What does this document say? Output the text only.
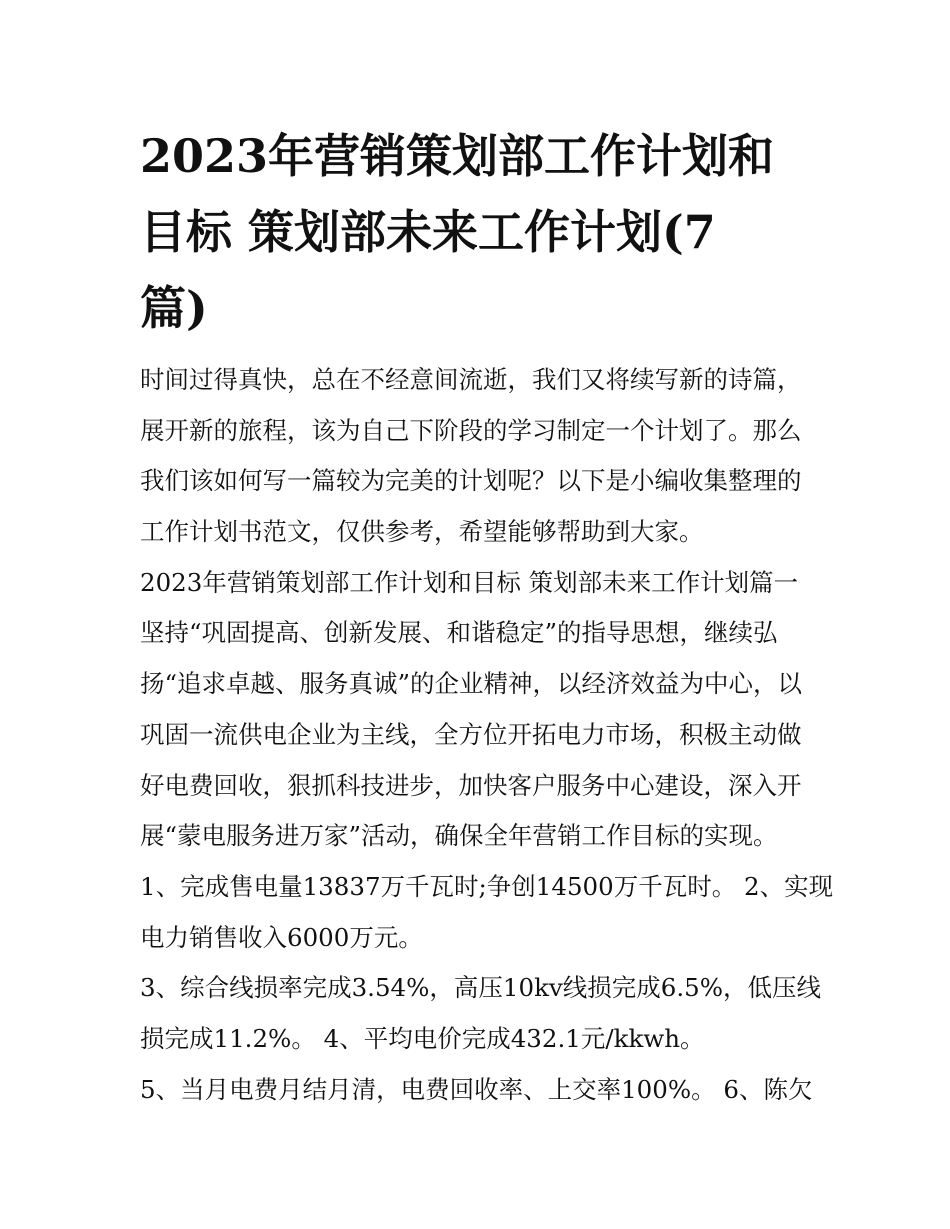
2023年营销策划部工作计划和
目标 策划部未来工作计划(7
篇)
时间过得真快，总在不经意间流逝，我们又将续写新的诗篇，
展开新的旅程，该为自己下阶段的学习制定一个计划了。那么
我们该如何写一篇较为完美的计划呢？以下是小编收集整理的
工作计划书范文，仅供参考，希望能够帮助到大家。
2023年营销策划部工作计划和目标 策划部未来工作计划篇一
坚持“巩固提高、创新发展、和谐稳定”的指导思想，继续弘
扬“追求卓越、服务真诚”的企业精神，以经济效益为中心，以
巩固一流供电企业为主线，全方位开拓电力市场，积极主动做
好电费回收，狠抓科技进步，加快客户服务中心建设，深入开
展“蒙电服务进万家”活动，确保全年营销工作目标的实现。
1、完成售电量13837万千瓦时;争创14500万千瓦时。 2、实现
电力销售收入6000万元。
3、综合线损率完成3.54%，高压10kv线损完成6.5%，低压线
损完成11.2%。 4、平均电价完成432.1元/kkwh。
5、当月电费月结月清，电费回收率、上交率100%。 6、陈欠
